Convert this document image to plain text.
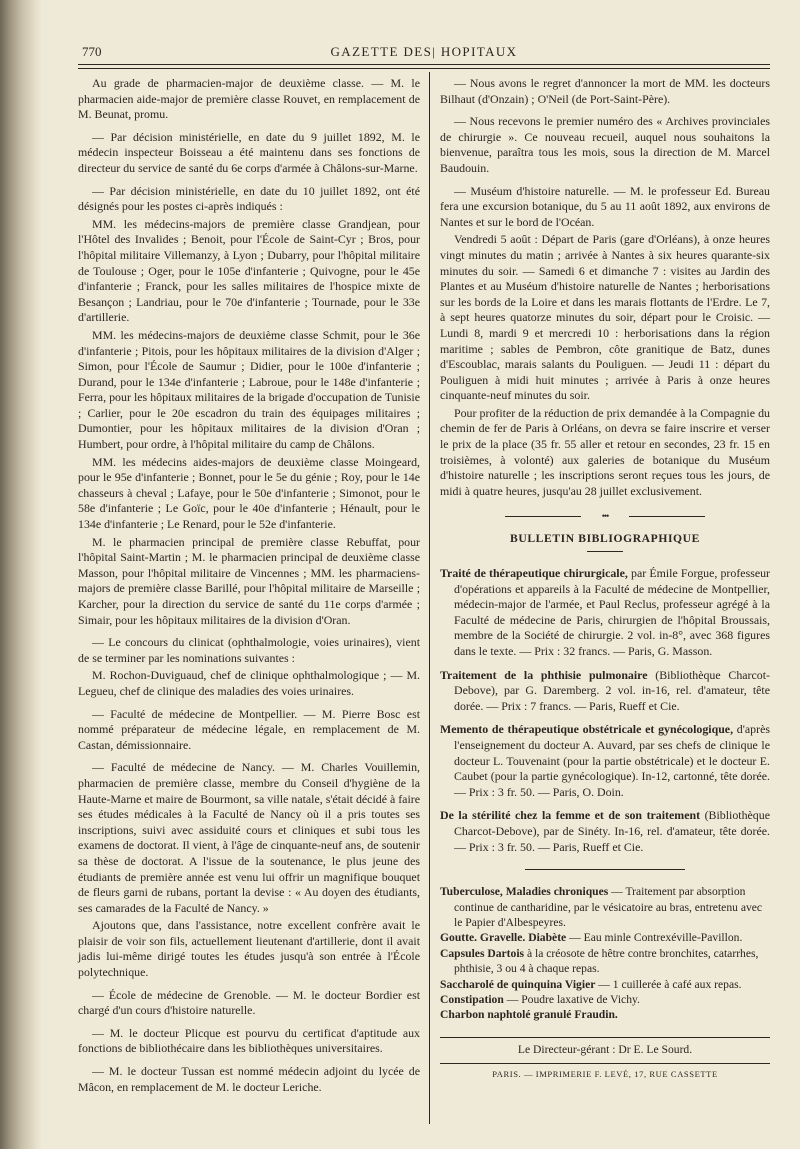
770	GAZETTE DES| HOPITAUX

Au grade de pharmacien-major de deuxième classe. — M. le pharmacien aide-major de première classe Rouvet, en remplacement de M. Beunat, promu.

— Par décision ministérielle, en date du 9 juillet 1892, M. le médecin inspecteur Boisseau a été maintenu dans ses fonctions de directeur du service de santé du 6e corps d'armée à Châlons-sur-Marne.

— Par décision ministérielle, en date du 10 juillet 1892, ont été désignés pour les postes ci-après indiqués :

MM. les médecins-majors de première classe Grandjean, pour l'Hôtel des Invalides ; Benoit, pour l'École de Saint-Cyr ; Bros, pour l'hôpital militaire Villemanzy, à Lyon ; Dubarry, pour l'hôpital militaire de Toulouse ; Oger, pour le 105e d'infanterie ; Quivogne, pour le 45e d'infanterie ; Franck, pour les salles militaires de l'hospice mixte de Besançon ; Landriau, pour le 70e d'infanterie ; Tournade, pour le 33e d'artillerie.

MM. les médecins-majors de deuxième classe Schmit, pour le 36e d'infanterie ; Pitois, pour les hôpitaux militaires de la division d'Alger ; Simon, pour l'École de Saumur ; Didier, pour le 100e d'infanterie ; Durand, pour le 134e d'infanterie ; Labroue, pour le 148e d'infanterie ; Ferra, pour les hôpitaux militaires de la brigade d'occupation de Tunisie ; Carlier, pour le 20e escadron du train des équipages militaires ; Dumontier, pour les hôpitaux militaires de la division d'Oran ; Humbert, pour ordre, à l'hôpital militaire du camp de Châlons.

MM. les médecins aides-majors de deuxième classe Moingeard, pour le 95e d'infanterie ; Bonnet, pour le 5e du génie ; Roy, pour le 14e chasseurs à cheval ; Lafaye, pour le 50e d'infanterie ; Simonot, pour le 58e d'infanterie ; Le Goïc, pour le 40e d'infanterie ; Hénault, pour le 134e d'infanterie ; Le Renard, pour le 52e d'infanterie.

M. le pharmacien principal de première classe Rebuffat, pour l'hôpital Saint-Martin ; M. le pharmacien principal de deuxième classe Masson, pour l'hôpital militaire de Vincennes ; MM. les pharmaciens-majors de première classe Barillé, pour l'hôpital militaire de Marseille ; Karcher, pour la direction du service de santé du 11e corps d'armée ; Simair, pour les hôpitaux militaires de la division d'Oran.

— Le concours du clinicat (ophthalmologie, voies urinaires), vient de se terminer par les nominations suivantes :

M. Rochon-Duviguaud, chef de clinique ophthalmologique ; — M. Legueu, chef de clinique des maladies des voies urinaires.

— Faculté de médecine de Montpellier. — M. Pierre Bosc est nommé préparateur de médecine légale, en remplacement de M. Castan, démissionnaire.

— Faculté de médecine de Nancy. — M. Charles Vouillemin, pharmacien de première classe, membre du Conseil d'hygiène de la Haute-Marne et maire de Bourmont, sa ville natale, s'était décidé à faire ses études médicales à la Faculté de Nancy où il a pris toutes ses inscriptions, suivi avec assiduité cours et cliniques et subi tous les examens de doctorat. Il vient, à l'âge de cinquante-neuf ans, de soutenir sa thèse de doctorat. A l'issue de la soutenance, le plus jeune des étudiants de première année est venu lui offrir un magnifique bouquet de fleurs garni de rubans, portant la devise : « Au doyen des étudiants, ses camarades de la Faculté de Nancy. »

Ajoutons que, dans l'assistance, notre excellent confrère avait le plaisir de voir son fils, actuellement lieutenant d'artillerie, dont il avait jadis lui-même dirigé toutes les études jusqu'à son entrée à l'École polytechnique.

— École de médecine de Grenoble. — M. le docteur Bordier est chargé d'un cours d'histoire naturelle.

— M. le docteur Plicque est pourvu du certificat d'aptitude aux fonctions de bibliothécaire dans les bibliothèques universitaires.

— M. le docteur Tussan est nommé médecin adjoint du lycée de Mâcon, en remplacement de M. le docteur Leriche.

— Nous avons le regret d'annoncer la mort de MM. les docteurs Bilhaut (d'Onzain) ; O'Neil (de Port-Saint-Père).

— Nous recevons le premier numéro des « Archives provinciales de chirurgie ». Ce nouveau recueil, auquel nous souhaitons la bienvenue, paraîtra tous les mois, sous la direction de M. Marcel Baudouin.

— Muséum d'histoire naturelle. — M. le professeur Ed. Bureau fera une excursion botanique, du 5 au 11 août 1892, aux environs de Nantes et sur le bord de l'Océan.

Vendredi 5 août : Départ de Paris (gare d'Orléans), à onze heures vingt minutes du matin ; arrivée à Nantes à six heures quarante-six minutes du soir. — Samedi 6 et dimanche 7 : visites au Jardin des Plantes et au Muséum d'histoire naturelle de Nantes ; herborisations sur les bords de la Loire et dans les marais flottants de l'Erdre. Le 7, à sept heures quatorze minutes du soir, départ pour le Croisic. — Lundi 8, mardi 9 et mercredi 10 : herborisations dans la région maritime ; sables de Pembron, côte granitique de Batz, dunes d'Escoublac, marais salants du Pouliguen. — Jeudi 11 : départ du Pouliguen à midi huit minutes ; arrivée à Paris à onze heures cinquante-neuf minutes du soir.

Pour profiter de la réduction de prix demandée à la Compagnie du chemin de fer de Paris à Orléans, on devra se faire inscrire et verser le prix de la place (35 fr. 55 aller et retour en secondes, 23 fr. 15 en troisièmes, à volonté) aux galeries de botanique du Muséum d'histoire naturelle ; les inscriptions seront reçues tous les jours, de midi à quatre heures, jusqu'au 28 juillet exclusivement.

•••
BULLETIN BIBLIOGRAPHIQUE

Traité de thérapeutique chirurgicale, par Émile Forgue, professeur d'opérations et appareils à la Faculté de médecine de Montpellier, médecin-major de l'armée, et Paul Reclus, professeur agrégé à la Faculté de médecine de Paris, chirurgien de l'hôpital Broussais, membre de la Société de chirurgie. 2 vol. in-8°, avec 368 figures dans le texte. — Prix : 32 francs. — Paris, G. Masson.

Traitement de la phthisie pulmonaire (Bibliothèque Charcot-Debove), par G. Daremberg. 2 vol. in-16, rel. d'amateur, tête dorée. — Prix : 7 francs. — Paris, Rueff et Cie.

Memento de thérapeutique obstétricale et gynécologique, d'après l'enseignement du docteur A. Auvard, par ses chefs de clinique le docteur L. Touvenaint (pour la partie obstétricale) et le docteur E. Caubet (pour la partie gynécologique). In-12, cartonné, tête dorée. — Prix : 3 fr. 50. — Paris, O. Doin.

De la stérilité chez la femme et de son traitement (Bibliothèque Charcot-Debove), par de Sinéty. In-16, rel. d'amateur, tête dorée. — Prix : 3 fr. 50. — Paris, Rueff et Cie.

Tuberculose, Maladies chroniques — Traitement par absorption continue de cantharidine, par le vésicatoire au bras, entretenu avec le Papier d'Albespeyres.

Goutte. Gravelle. Diabète — Eau minle Contrexéville-Pavillon.

Capsules Dartois à la créosote de hêtre contre bronchites, catarrhes, phthisie, 3 ou 4 à chaque repas.

Saccharolé de quinquina Vigier — 1 cuillerée à café aux repas.

Constipation — Poudre laxative de Vichy.

Charbon naphtolé granulé Fraudin.

Le Directeur-gérant : Dr E. Le Sourd.
PARIS. — IMPRIMERIE F. LEVÉ, 17, RUE CASSETTE
